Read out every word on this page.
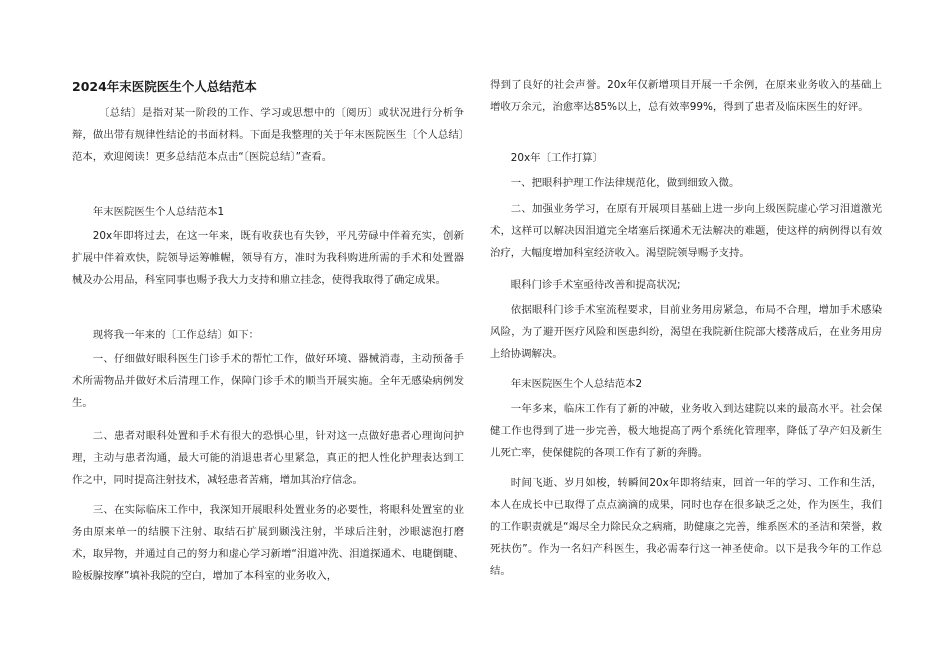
2024年末医院医生个人总结范本

〔总结〕是指对某一阶段的工作、学习或思想中的〔阅历〕或状况进行分析争辩，做出带有规律性结论的书面材料。下面是我整理的关于年末医院医生〔个人总结〕范本，欢迎阅读！更多总结范本点击“〔医院总结〕”查看。

年末医院医生个人总结范本1

20x年即将过去，在这一年来，既有收获也有失钞，平凡劳碌中伴着充实，创新扩展中伴着欢快，院领导运筹帷幄，领导有方，准时为我科购进所需的手术和处置器械及办公用品，科室同事也赐予我大力支持和鼎立挂念，使得我取得了确定成果。

现将我一年来的〔工作总结〕如下：

一、仔细做好眼科医生门诊手术的帮忙工作，做好环境、器械消毒，主动预备手术所需物品并做好术后清理工作，保障门诊手术的顺当开展实施。全年无感染病例发生。

二、患者对眼科处置和手术有很大的恐惧心里，针对这一点做好患者心理询问护理，主动与患者沟通，最大可能的消退患者心里紧急，真正的把人性化护理表达到工作之中，同时提高注射技术，减轻患者苦痛，增加其治疗信念。

三、在实际临床工作中，我深知开展眼科处置业务的必要性，将眼科处置室的业务由原来单一的结膜下注射、取结石扩展到颞浅注射，半球后注射，沙眼滤泡打磨术，取异物，并通过自己的努力和虚心学习新增“泪道冲洗、泪道探通术、电睫倒睫、睑板腺按摩”填补我院的空白，增加了本科室的业务收入，

得到了良好的社会声誉。20x年仅新增项目开展一千余例，在原来业务收入的基础上增收万余元，治愈率达85%以上，总有效率99%，得到了患者及临床医生的好评。

20x年〔工作打算〕

一、把眼科护理工作法律规范化，做到细致入微。

二、加强业务学习，在原有开展项目基础上进一步向上级医院虚心学习泪道激光术，这样可以解决因泪道完全堵塞后探通术无法解决的难题，使这样的病例得以有效治疗，大幅度增加科室经济收入。渴望院领导赐予支持。

眼科门诊手术室亟待改善和提高状况;

依据眼科门诊手术室流程要求，目前业务用房紧急，布局不合理，增加手术感染风险，为了避开医疗风险和医患纠纷，渴望在我院新住院部大楼落成后，在业务用房上给协调解决。

年末医院医生个人总结范本2

一年多来，临床工作有了新的冲破，业务收入到达建院以来的最高水平。社会保健工作也得到了进一步完善，极大地提高了两个系统化管理率，降低了孕产妇及新生儿死亡率，使保健院的各项工作有了新的奔腾。

时间飞逝、岁月如梭，转瞬间20x年即将结束，回首一年的学习、工作和生活，本人在成长中已取得了点点滴滴的成果，同时也存在很多缺乏之处，作为医生，我们的工作职责就是“竭尽全力除民众之病痛，助健康之完善，维系医术的圣洁和荣誉，救死扶伤”。作为一名妇产科医生，我必需奉行这一神圣使命。以下是我今年的工作总结。
